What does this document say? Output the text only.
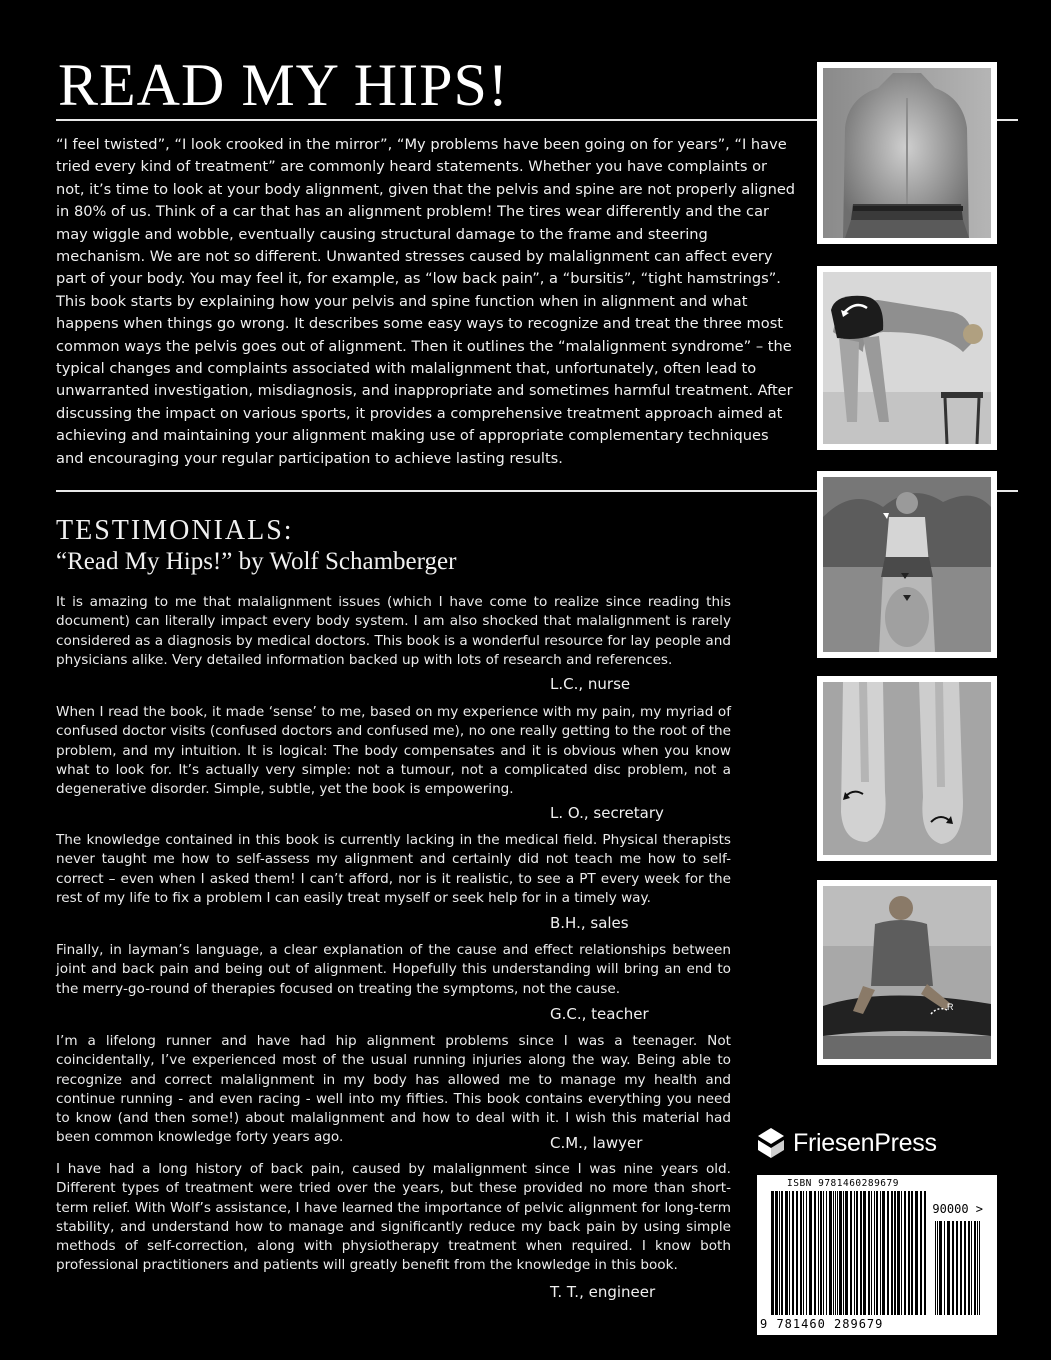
READ MY HIPS!

“I feel twisted”, “I look crooked in the mirror”, “My problems have been going on for years”, “I have tried every kind of treatment” are commonly heard statements. Whether you have complaints or not, it’s time to look at your body alignment, given that the pelvis and spine are not properly aligned in 80% of us. Think of a car that has an alignment problem! The tires wear differently and the car may wiggle and wobble, eventually causing structural damage to the frame and steering mechanism. We are not so different. Unwanted stresses caused by malalignment can affect every part of your body. You may feel it, for example, as “low back pain”, a “bursitis”, “tight hamstrings”. This book starts by explaining how your pelvis and spine function when in alignment and what happens when things go wrong. It describes some easy ways to recognize and treat the three most common ways the pelvis goes out of alignment. Then it outlines the “malalignment syndrome” – the typical changes and complaints associated with malalignment that, unfortunately, often lead to unwarranted investigation, misdiagnosis, and inappropriate and sometimes harmful treatment. After discussing the impact on various sports, it provides a comprehensive treatment approach aimed at achieving and maintaining your alignment making use of appropriate complementary techniques and encouraging your regular participation to achieve lasting results.

TESTIMONIALS:
“Read My Hips!” by Wolf Schamberger

It is amazing to me that malalignment issues (which I have come to realize since reading this document) can literally impact every body system. I am also shocked that malalignment is rarely considered as a diagnosis by medical doctors. This book is a wonderful resource for lay people and physicians alike. Very detailed information backed up with lots of research and references.

L.C., nurse

When I read the book, it made ‘sense’ to me, based on my experience with my pain, my myriad of confused doctor visits (confused doctors and confused me), no one really getting to the root of the problem, and my intuition. It is logical: The body compensates and it is obvious when you know what to look for. It’s actually very simple: not a tumour, not a complicated disc problem, not a degenerative disorder. Simple, subtle, yet the book is empowering.

L. O., secretary

The knowledge contained in this book is currently lacking in the medical field. Physical therapists never taught me how to self-assess my alignment and certainly did not teach me how to self-correct – even when I asked them! I can’t afford, nor is it realistic, to see a PT every week for the rest of my life to fix a problem I can easily treat myself or seek help for in a timely way.

B.H., sales

Finally, in layman’s language, a clear explanation of the cause and effect relationships between joint and back pain and being out of alignment. Hopefully this understanding will bring an end to the merry-go-round of therapies focused on treating the symptoms, not the cause.

G.C., teacher

I’m a lifelong runner and have had hip alignment problems since I was a teenager. Not coincidentally, I’ve experienced most of the usual running injuries along the way. Being able to recognize and correct malalignment in my body has allowed me to manage my health and continue running - and even racing - well into my fifties. This book contains everything you need to know (and then some!) about malalignment and how to deal with it. I wish this material had been common knowledge forty years ago.	C.M., lawyer

I have had a long history of back pain, caused by malalignment since I was nine years old. Different types of treatment were tried over the years, but these provided no more than short-term relief. With Wolf’s assistance, I have learned the importance of pelvic alignment for long-term stability, and understand how to manage and significantly reduce my back pain by using simple methods of self-correction, along with physiotherapy treatment when required. I know both professional practitioners and patients will greatly benefit from the knowledge in this book.

T. T., engineer
R
FriesenPress
ISBN 9781460289679
90000 >
9 781460 289679
